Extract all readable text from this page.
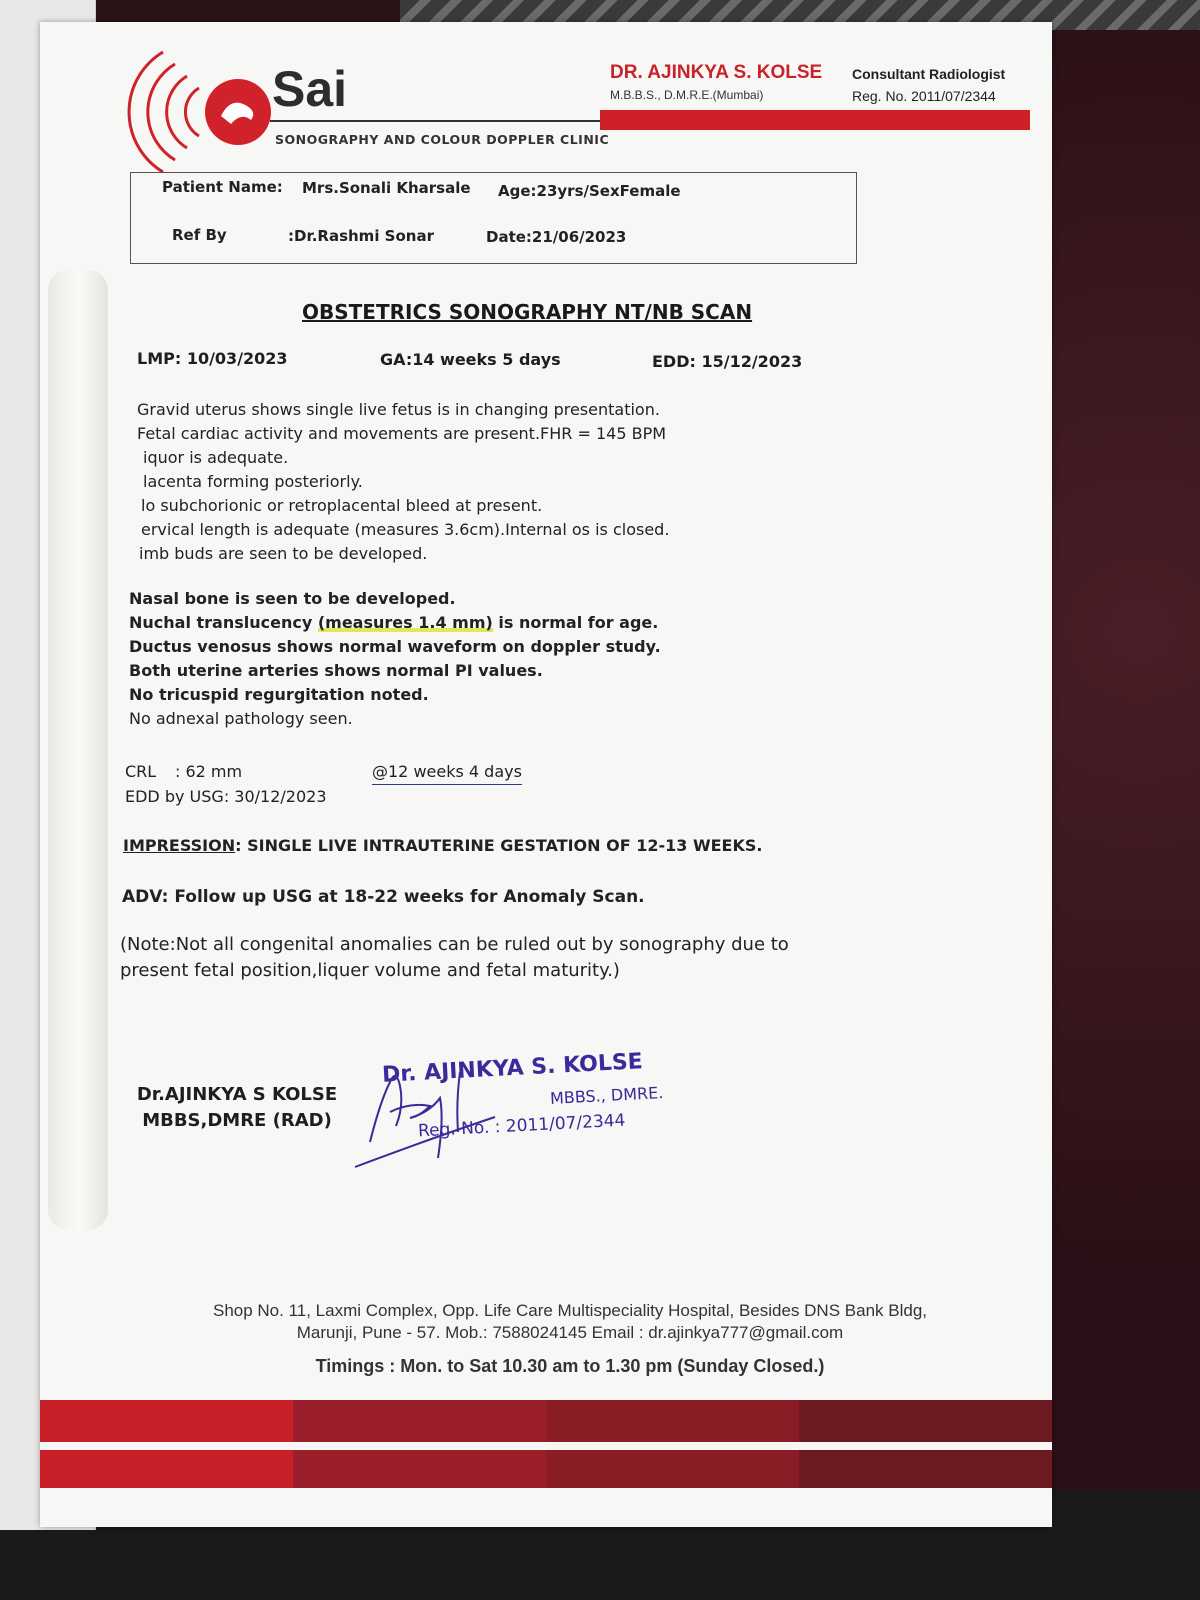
Sai
SONOGRAPHY AND COLOUR DOPPLER CLINIC
DR. AJINKYA S. KOLSE
M.B.B.S., D.M.R.E.(Mumbai)
Consultant Radiologist
Reg. No. 2011/07/2344
Patient Name: Mrs.Sonali Kharsale Age:23yrs/SexFemale
Ref By	:Dr.Rashmi Sonar	Date:21/06/2023
OBSTETRICS SONOGRAPHY NT/NB SCAN
LMP: 10/03/2023	GA:14 weeks 5 days	EDD: 15/12/2023
Gravid uterus shows single live fetus is in changing presentation.
Fetal cardiac activity and movements are present.FHR = 145 BPM
iquor is adequate.
lacenta forming posteriorly.
lo subchorionic or retroplacental bleed at present.
ervical length is adequate (measures 3.6cm).Internal os is closed.
imb buds are seen to be developed.
Nasal bone is seen to be developed.
Nuchal translucency (measures 1.4 mm) is normal for age.
Ductus venosus shows normal waveform on doppler study.
Both uterine arteries shows normal PI values.
No tricuspid regurgitation noted.
No adnexal pathology seen.
CRL : 62 mm	@12 weeks 4 days
EDD by USG: 30/12/2023
IMPRESSION: SINGLE LIVE INTRAUTERINE GESTATION OF 12-13 WEEKS.
ADV: Follow up USG at 18-22 weeks for Anomaly Scan.
(Note:Not all congenital anomalies can be ruled out by sonography due to
present fetal position,liquer volume and fetal maturity.)
Dr.AJINKYA S KOLSE
MBBS,DMRE (RAD)
Dr. AJINKYA S. KOLSE
MBBS., DMRE.
Reg. No. : 2011/07/2344
Shop No. 11, Laxmi Complex, Opp. Life Care Multispeciality Hospital, Besides DNS Bank Bldg,
Marunji, Pune - 57. Mob.: 7588024145 Email : dr.ajinkya777@gmail.com
Timings : Mon. to Sat 10.30 am to 1.30 pm (Sunday Closed.)
